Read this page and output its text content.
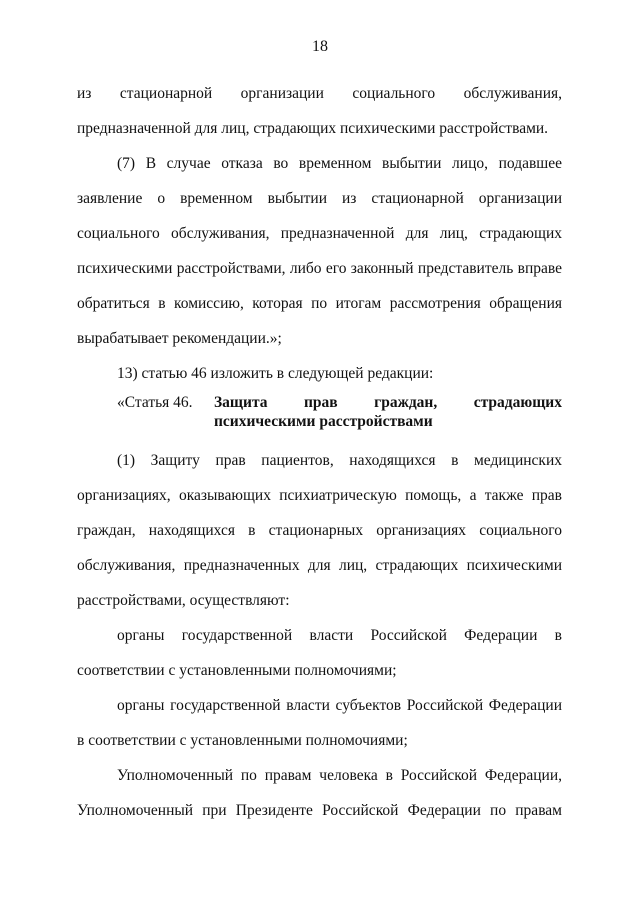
18

из стационарной организации социального обслуживания,

предназначенной для лиц, страдающих психическими расстройствами.

(7) В случае отказа во временном выбытии лицо, подавшее заявление о временном выбытии из стационарной организации социального обслуживания, предназначенной для лиц, страдающих психическими расстройствами, либо его законный представитель вправе обратиться в комиссию, которая по итогам рассмотрения обращения вырабатывает рекомендации.»;

13) статью 46 изложить в следующей редакции:

«Статья 46.	Защита прав граждан, страдающих психическими расстройствами

(1) Защиту прав пациентов, находящихся в медицинских организациях, оказывающих психиатрическую помощь, а также прав граждан, находящихся в стационарных организациях социального обслуживания, предназначенных для лиц, страдающих психическими расстройствами, осуществляют:

органы государственной власти Российской Федерации в соответствии с установленными полномочиями;

органы государственной власти субъектов Российской Федерации в соответствии с установленными полномочиями;

Уполномоченный по правам человека в Российской Федерации, Уполномоченный при Президенте Российской Федерации по правам
